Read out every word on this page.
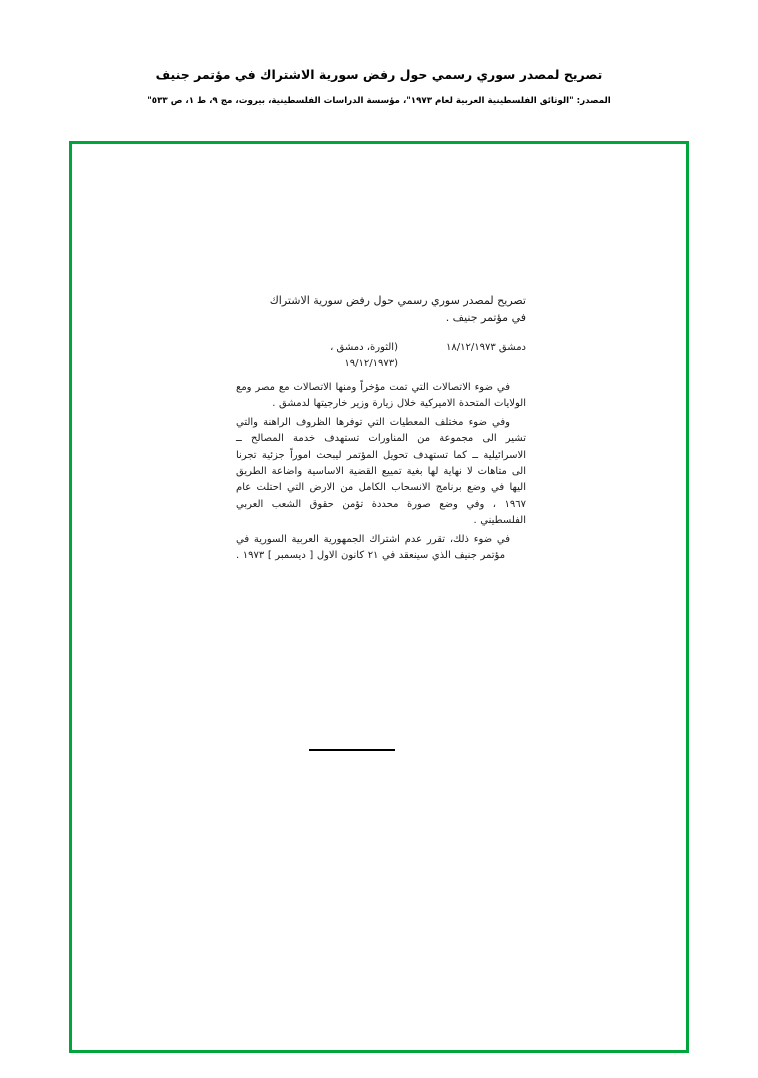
تصريح لمصدر سوري رسمي حول رفض سورية الاشتراك في مؤتمر جنيف
المصدر: "الوثائق الفلسطينية العربية لعام ١٩٧٣"، مؤسسة الدراسات الفلسطينية، بيروت، مج ٩، ط ١، ص ٥٣٣"
تصريح لمصدر سوري رسمي حول رفض سورية الاشتراك
في مؤتمر جنيف .
دمشق ١٨/١٢/١٩٧٣
(الثورة، دمشق ،
(١٩/١٢/١٩٧٣

في ضوء الاتصالات التي تمت مؤخراً ومنها الاتصالات مع مصر ومع الولايات المتحدة الاميركية خلال زيارة وزير خارجيتها لدمشق .

وفي ضوء مختلف المعطيات التي توفرها الظروف الراهنة والتي تشير الى مجموعة من المناورات تستهدف خدمة المصالح ــ الاسرائيلية ــ كما تستهدف تحويل المؤتمر ليبحث اموراً جزئية تجرنا الى متاهات لا نهاية لها بغية تمييع القضية الاساسية واضاعة الطريق اليها في وضع برنامج الانسحاب الكامل من الارض التي احتلت عام ١٩٦٧ ، وفي وضع صورة محددة تؤمن حقوق الشعب العربي الفلسطيني .

في ضوء ذلك، تقرر عدم اشتراك الجمهورية العربية السورية في مؤتمر جنيف الذي سينعقد في ٢١ كانون الاول [ ديسمبر ] ١٩٧٣ .
